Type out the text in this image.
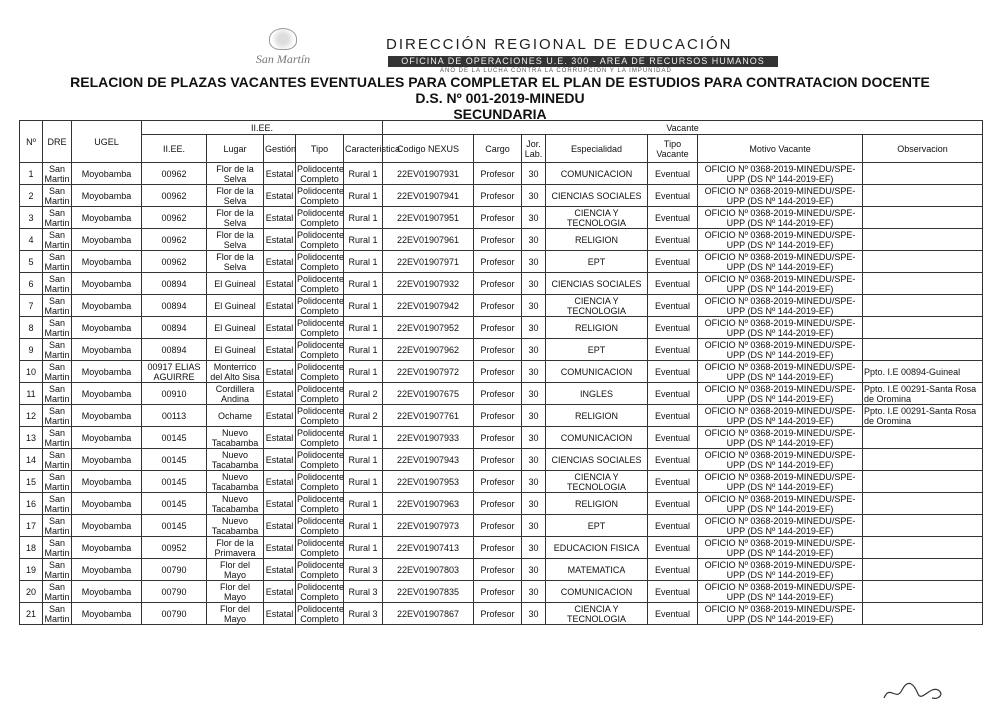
San Martín
DIRECCIÓN REGIONAL DE EDUCACIÓN
OFICINA DE OPERACIONES U.E. 300 - AREA DE RECURSOS HUMANOS
AÑO DE LA LUCHA CONTRA LA CORRUPCIÓN Y LA IMPUNIDAD
RELACION DE PLAZAS VACANTES EVENTUALES PARA COMPLETAR EL PLAN DE ESTUDIOS PARA CONTRATACION DOCENTE
D.S. Nº 001-2019-MINEDU
SECUNDARIA
Nº	DRE	UGEL	II.EE.					Vacante						
			II.EE.	Lugar	Gestión	Tipo	Caracteristica	Codigo NEXUS	Cargo	Jor. Lab.	Especialidad	Tipo Vacante	Motivo Vacante	Observacion
1	San Martin	Moyobamba	00962	Flor de la Selva	Estatal	Polidocente Completo	Rural 1	22EV01907931	Profesor	30	COMUNICACION	Eventual	OFICIO Nº 0368-2019-MINEDU/SPE-UPP (DS Nº 144-2019-EF)	
2	San Martin	Moyobamba	00962	Flor de la Selva	Estatal	Polidocente Completo	Rural 1	22EV01907941	Profesor	30	CIENCIAS SOCIALES	Eventual	OFICIO Nº 0368-2019-MINEDU/SPE-UPP (DS Nº 144-2019-EF)	
3	San Martin	Moyobamba	00962	Flor de la Selva	Estatal	Polidocente Completo	Rural 1	22EV01907951	Profesor	30	CIENCIA Y TECNOLOGIA	Eventual	OFICIO Nº 0368-2019-MINEDU/SPE-UPP (DS Nº 144-2019-EF)	
4	San Martin	Moyobamba	00962	Flor de la Selva	Estatal	Polidocente Completo	Rural 1	22EV01907961	Profesor	30	RELIGION	Eventual	OFICIO Nº 0368-2019-MINEDU/SPE-UPP (DS Nº 144-2019-EF)	
5	San Martin	Moyobamba	00962	Flor de la Selva	Estatal	Polidocente Completo	Rural 1	22EV01907971	Profesor	30	EPT	Eventual	OFICIO Nº 0368-2019-MINEDU/SPE-UPP (DS Nº 144-2019-EF)	
6	San Martin	Moyobamba	00894	El Guineal	Estatal	Polidocente Completo	Rural 1	22EV01907932	Profesor	30	CIENCIAS SOCIALES	Eventual	OFICIO Nº 0368-2019-MINEDU/SPE-UPP (DS Nº 144-2019-EF)	
7	San Martin	Moyobamba	00894	El Guineal	Estatal	Polidocente Completo	Rural 1	22EV01907942	Profesor	30	CIENCIA Y TECNOLOGIA	Eventual	OFICIO Nº 0368-2019-MINEDU/SPE-UPP (DS Nº 144-2019-EF)	
8	San Martin	Moyobamba	00894	El Guineal	Estatal	Polidocente Completo	Rural 1	22EV01907952	Profesor	30	RELIGION	Eventual	OFICIO Nº 0368-2019-MINEDU/SPE-UPP (DS Nº 144-2019-EF)	
9	San Martin	Moyobamba	00894	El Guineal	Estatal	Polidocente Completo	Rural 1	22EV01907962	Profesor	30	EPT	Eventual	OFICIO Nº 0368-2019-MINEDU/SPE-UPP (DS Nº 144-2019-EF)	
10	San Martin	Moyobamba	00917 ELIAS AGUIRRE	Monterrico del Alto Sisa	Estatal	Polidocente Completo	Rural 1	22EV01907972	Profesor	30	COMUNICACION	Eventual	OFICIO Nº 0368-2019-MINEDU/SPE-UPP (DS Nº 144-2019-EF)	Ppto. I.E 00894-Guineal
11	San Martin	Moyobamba	00910	Cordillera Andina	Estatal	Polidocente Completo	Rural 2	22EV01907675	Profesor	30	INGLES	Eventual	OFICIO Nº 0368-2019-MINEDU/SPE-UPP (DS Nº 144-2019-EF)	Ppto. I.E 00291-Santa Rosa de Oromina
12	San Martin	Moyobamba	00113	Ochame	Estatal	Polidocente Completo	Rural 2	22EV01907761	Profesor	30	RELIGION	Eventual	OFICIO Nº 0368-2019-MINEDU/SPE-UPP (DS Nº 144-2019-EF)	Ppto. I.E 00291-Santa Rosa de Oromina
13	San Martin	Moyobamba	00145	Nuevo Tacabamba	Estatal	Polidocente Completo	Rural 1	22EV01907933	Profesor	30	COMUNICACION	Eventual	OFICIO Nº 0368-2019-MINEDU/SPE-UPP (DS Nº 144-2019-EF)	
14	San Martin	Moyobamba	00145	Nuevo Tacabamba	Estatal	Polidocente Completo	Rural 1	22EV01907943	Profesor	30	CIENCIAS SOCIALES	Eventual	OFICIO Nº 0368-2019-MINEDU/SPE-UPP (DS Nº 144-2019-EF)	
15	San Martin	Moyobamba	00145	Nuevo Tacabamba	Estatal	Polidocente Completo	Rural 1	22EV01907953	Profesor	30	CIENCIA Y TECNOLOGIA	Eventual	OFICIO Nº 0368-2019-MINEDU/SPE-UPP (DS Nº 144-2019-EF)	
16	San Martin	Moyobamba	00145	Nuevo Tacabamba	Estatal	Polidocente Completo	Rural 1	22EV01907963	Profesor	30	RELIGION	Eventual	OFICIO Nº 0368-2019-MINEDU/SPE-UPP (DS Nº 144-2019-EF)	
17	San Martin	Moyobamba	00145	Nuevo Tacabamba	Estatal	Polidocente Completo	Rural 1	22EV01907973	Profesor	30	EPT	Eventual	OFICIO Nº 0368-2019-MINEDU/SPE-UPP (DS Nº 144-2019-EF)	
18	San Martin	Moyobamba	00952	Flor de la Primavera	Estatal	Polidocente Completo	Rural 1	22EV01907413	Profesor	30	EDUCACION FISICA	Eventual	OFICIO Nº 0368-2019-MINEDU/SPE-UPP (DS Nº 144-2019-EF)	
19	San Martin	Moyobamba	00790	Flor del Mayo	Estatal	Polidocente Completo	Rural 3	22EV01907803	Profesor	30	MATEMATICA	Eventual	OFICIO Nº 0368-2019-MINEDU/SPE-UPP (DS Nº 144-2019-EF)	
20	San Martin	Moyobamba	00790	Flor del Mayo	Estatal	Polidocente Completo	Rural 3	22EV01907835	Profesor	30	COMUNICACION	Eventual	OFICIO Nº 0368-2019-MINEDU/SPE-UPP (DS Nº 144-2019-EF)	
21	San Martin	Moyobamba	00790	Flor del Mayo	Estatal	Polidocente Completo	Rural 3	22EV01907867	Profesor	30	CIENCIA Y TECNOLOGIA	Eventual	OFICIO Nº 0368-2019-MINEDU/SPE-UPP (DS Nº 144-2019-EF)	
